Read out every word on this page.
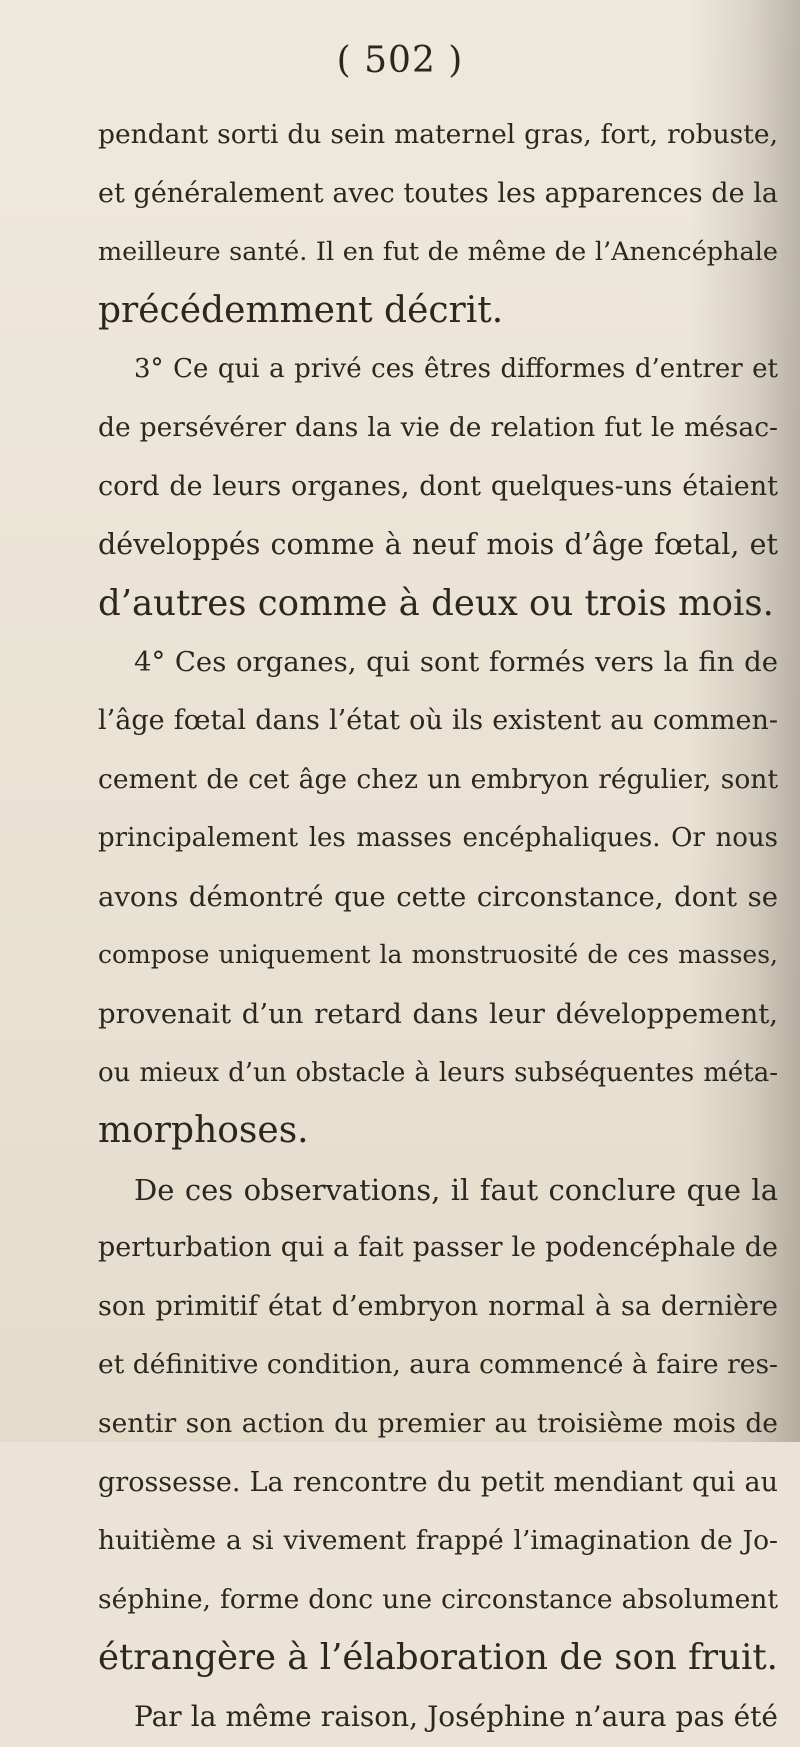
( 502 )
pendant sorti du sein maternel gras, fort, robuste,
et généralement avec toutes les apparences de la
meilleure santé. Il en fut de même de l’Anencéphale
précédemment décrit.
3° Ce qui a privé ces êtres difformes d’entrer et
de persévérer dans la vie de relation fut le mésac-
cord de leurs organes, dont quelques-uns étaient
développés comme à neuf mois d’âge fœtal, et
d’autres comme à deux ou trois mois.
4° Ces organes, qui sont formés vers la fin de
l’âge fœtal dans l’état où ils existent au commen-
cement de cet âge chez un embryon régulier, sont
principalement les masses encéphaliques. Or nous
avons démontré que cette circonstance, dont se
compose uniquement la monstruosité de ces masses,
provenait d’un retard dans leur développement,
ou mieux d’un obstacle à leurs subséquentes méta-
morphoses.
De ces observations, il faut conclure que la
perturbation qui a fait passer le podencéphale de
son primitif état d’embryon normal à sa dernière
et définitive condition, aura commencé à faire res-
sentir son action du premier au troisième mois de
grossesse. La rencontre du petit mendiant qui au
huitième a si vivement frappé l’imagination de Jo-
séphine, forme donc une circonstance absolument
étrangère à l’élaboration de son fruit.
Par la même raison, Joséphine n’aura pas été
